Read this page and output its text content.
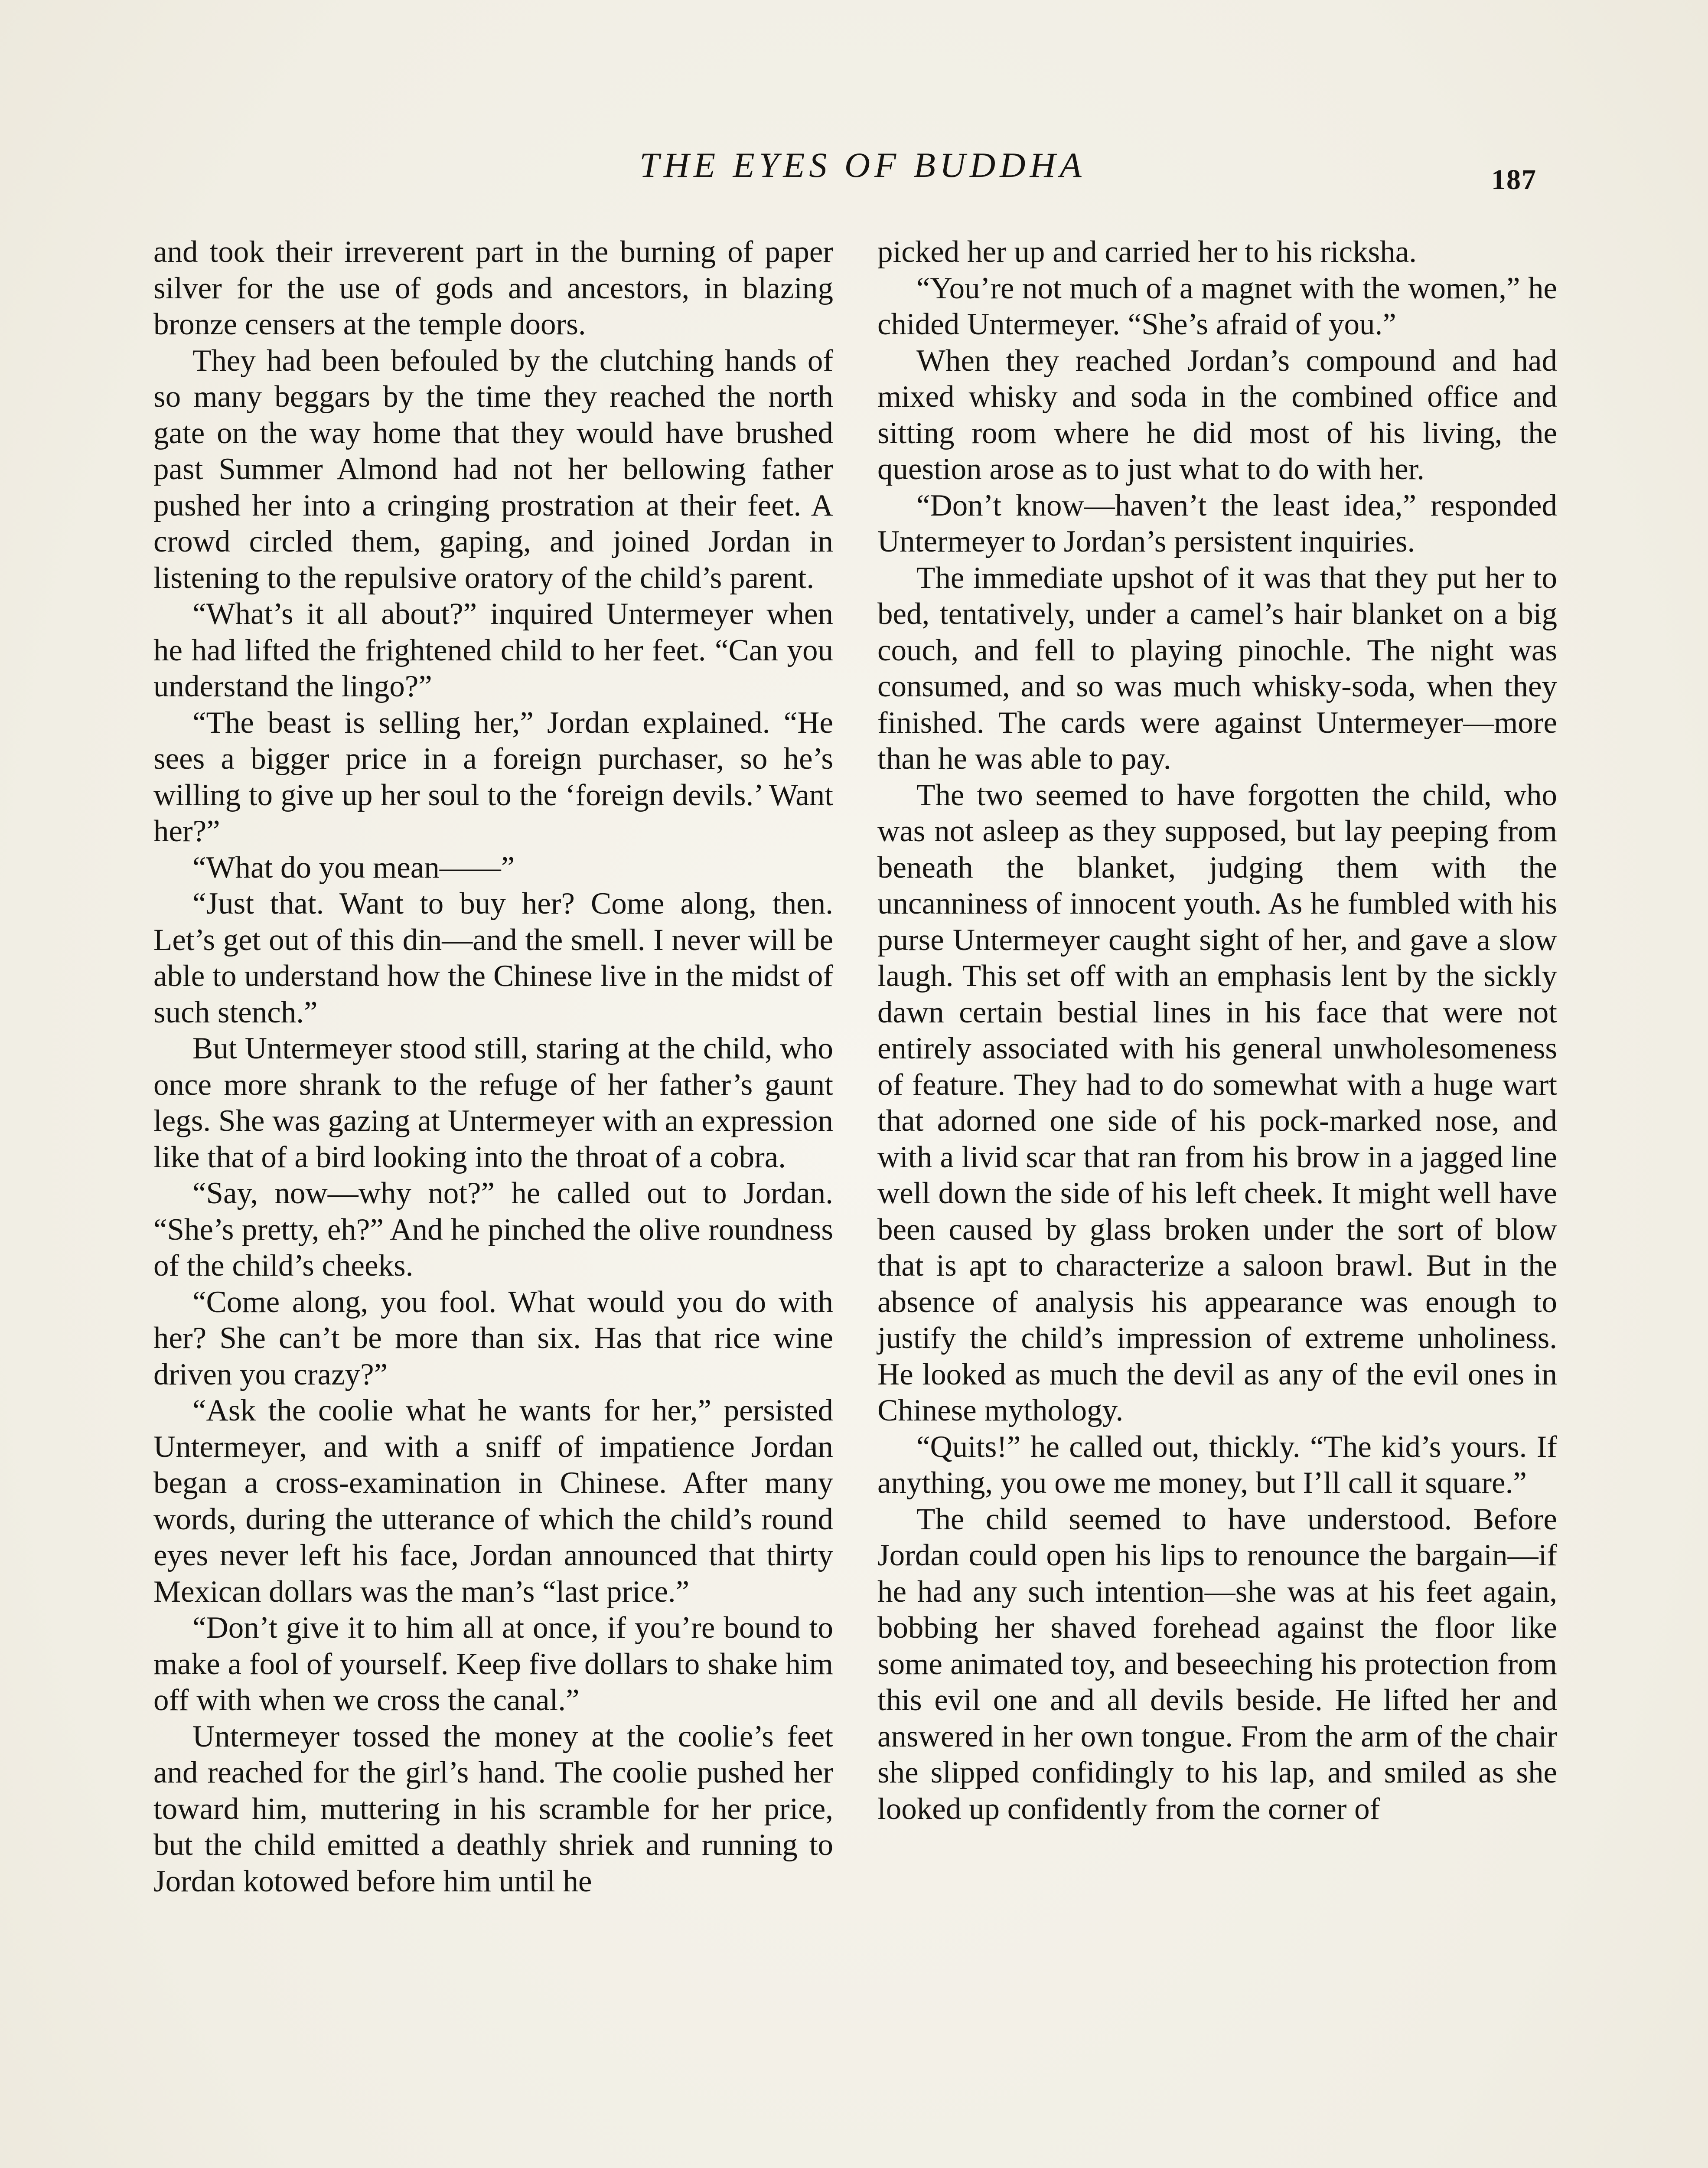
THE EYES OF BUDDHA	187

and took their irreverent part in the burning of paper silver for the use of gods and ancestors, in blazing bronze censers at the temple doors.

They had been befouled by the clutching hands of so many beggars by the time they reached the north gate on the way home that they would have brushed past Summer Almond had not her bellowing father pushed her into a cringing prostration at their feet. A crowd circled them, gaping, and joined Jordan in listening to the repulsive oratory of the child’s parent.

“What’s it all about?” inquired Untermeyer when he had lifted the frightened child to her feet. “Can you understand the lingo?”

“The beast is selling her,” Jordan explained. “He sees a bigger price in a foreign purchaser, so he’s willing to give up her soul to the ‘foreign devils.’ Want her?”

“What do you mean——”

“Just that. Want to buy her? Come along, then. Let’s get out of this din—and the smell. I never will be able to understand how the Chinese live in the midst of such stench.”

But Untermeyer stood still, staring at the child, who once more shrank to the refuge of her father’s gaunt legs. She was gazing at Untermeyer with an expression like that of a bird looking into the throat of a cobra.

“Say, now—why not?” he called out to Jordan. “She’s pretty, eh?” And he pinched the olive roundness of the child’s cheeks.

“Come along, you fool. What would you do with her? She can’t be more than six. Has that rice wine driven you crazy?”

“Ask the coolie what he wants for her,” persisted Untermeyer, and with a sniff of impatience Jordan began a cross-examination in Chinese. After many words, during the utterance of which the child’s round eyes never left his face, Jordan announced that thirty Mexican dollars was the man’s “last price.”

“Don’t give it to him all at once, if you’re bound to make a fool of yourself. Keep five dollars to shake him off with when we cross the canal.”

Untermeyer tossed the money at the coolie’s feet and reached for the girl’s hand. The coolie pushed her toward him, muttering in his scramble for her price, but the child emitted a deathly shriek and running to Jordan kotowed before him until he

picked her up and carried her to his ricksha.

“You’re not much of a magnet with the women,” he chided Untermeyer. “She’s afraid of you.”

When they reached Jordan’s compound and had mixed whisky and soda in the combined office and sitting room where he did most of his living, the question arose as to just what to do with her.

“Don’t know—haven’t the least idea,” responded Untermeyer to Jordan’s persistent inquiries.

The immediate upshot of it was that they put her to bed, tentatively, under a camel’s hair blanket on a big couch, and fell to playing pinochle. The night was consumed, and so was much whisky-soda, when they finished. The cards were against Untermeyer—more than he was able to pay.

The two seemed to have forgotten the child, who was not asleep as they supposed, but lay peeping from beneath the blanket, judging them with the uncanniness of innocent youth. As he fumbled with his purse Untermeyer caught sight of her, and gave a slow laugh. This set off with an emphasis lent by the sickly dawn certain bestial lines in his face that were not entirely associated with his general unwholesomeness of feature. They had to do somewhat with a huge wart that adorned one side of his pock-marked nose, and with a livid scar that ran from his brow in a jagged line well down the side of his left cheek. It might well have been caused by glass broken under the sort of blow that is apt to characterize a saloon brawl. But in the absence of analysis his appearance was enough to justify the child’s impression of extreme unholiness. He looked as much the devil as any of the evil ones in Chinese mythology.

“Quits!” he called out, thickly. “The kid’s yours. If anything, you owe me money, but I’ll call it square.”

The child seemed to have understood. Before Jordan could open his lips to renounce the bargain—if he had any such intention—she was at his feet again, bobbing her shaved forehead against the floor like some animated toy, and beseeching his protection from this evil one and all devils beside. He lifted her and answered in her own tongue. From the arm of the chair she slipped confidingly to his lap, and smiled as she looked up confidently from the corner of
